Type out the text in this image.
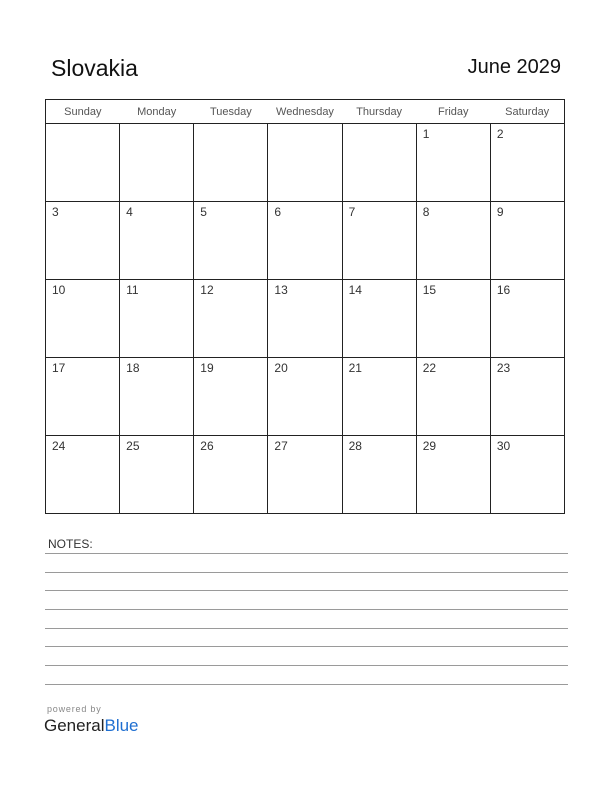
Slovakia	June 2029
Sunday	Monday	Tuesday	Wednesday	Thursday	Friday	Saturday

					1	2

3	4	5	6	7	8	9

10	11	12	13	14	15	16

17	18	19	20	21	22	23

24	25	26	27	28	29	30
NOTES:
powered by
GeneralBlue
